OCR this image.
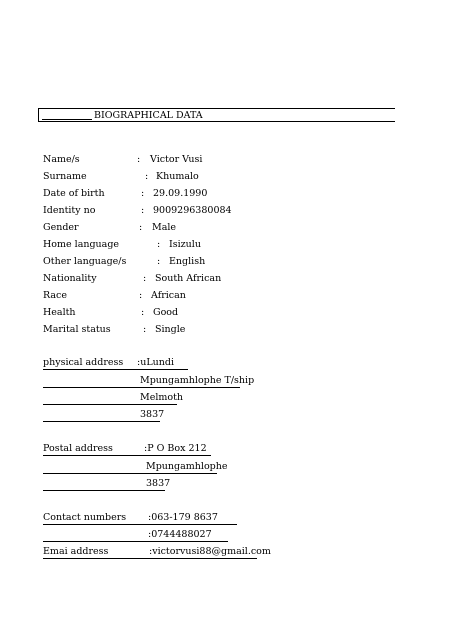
BIOGRAPHICAL DATA
Name/s	: Victor Vusi
Surname	: Khumalo
Date of birth	: 29.09.1990
Identity no	: 9009296380084
Gender	: Male
Home language	: Isizulu
Other language/s	: English
Nationality	: South African
Race	: African
Health	: Good
Marital status	: Single
physical address :uLundi
Mpungamhlophe T/ship
Melmoth
3837
Postal address	:P O Box 212
Mpungamhlophe
3837
Contact numbers :063-179 8637
:0744488027
Emai address	:victorvusi88@gmail.com
